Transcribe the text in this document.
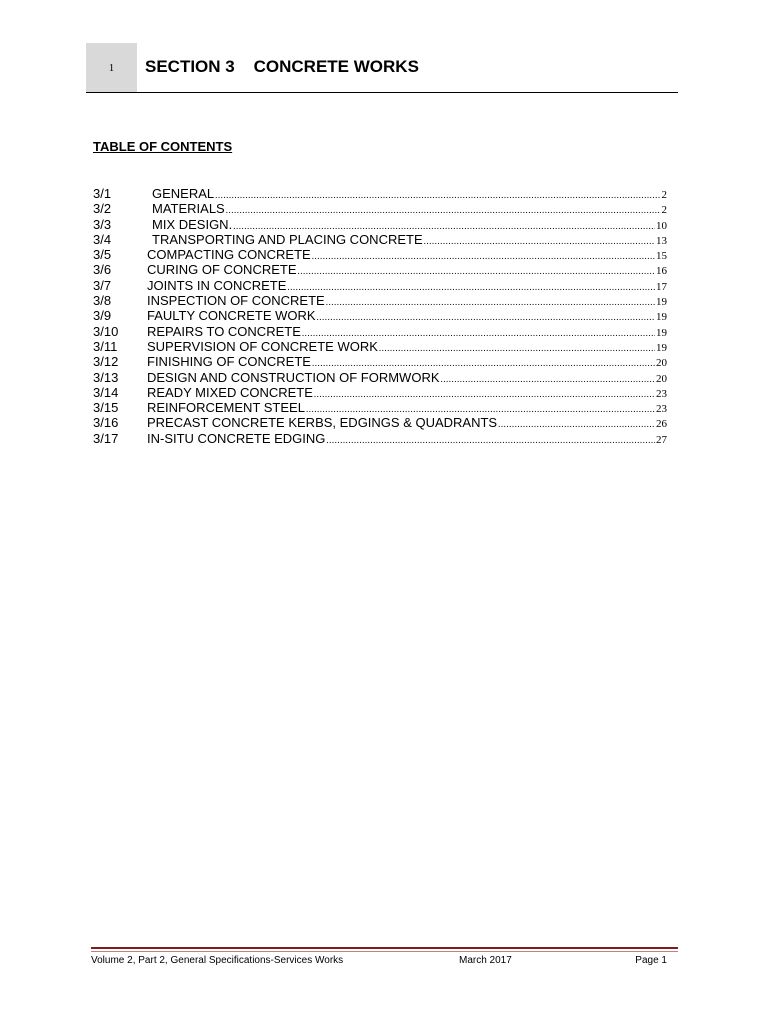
1 SECTION 3    CONCRETE WORKS
TABLE OF CONTENTS
3/1	GENERAL .....	2
3/2	MATERIALS .....	2
3/3	MIX DESIGN. .....	10
3/4	TRANSPORTING AND PLACING CONCRETE .....	13
3/5	COMPACTING CONCRETE .....	15
3/6	CURING OF CONCRETE .....	16
3/7	JOINTS IN CONCRETE .....	17
3/8	INSPECTION OF CONCRETE .....	19
3/9	FAULTY CONCRETE WORK .....	19
3/10	REPAIRS TO CONCRETE .....	19
3/11	SUPERVISION OF CONCRETE WORK .....	19
3/12	FINISHING OF CONCRETE .....	20
3/13	DESIGN AND CONSTRUCTION OF FORMWORK .....	20
3/14	READY MIXED CONCRETE .....	23
3/15	REINFORCEMENT STEEL .....	23
3/16	PRECAST CONCRETE KERBS, EDGINGS & QUADRANTS .....	26
3/17	IN-SITU CONCRETE EDGING .....	27
Volume 2, Part 2, General Specifications-Services Works	March 2017	Page 1
